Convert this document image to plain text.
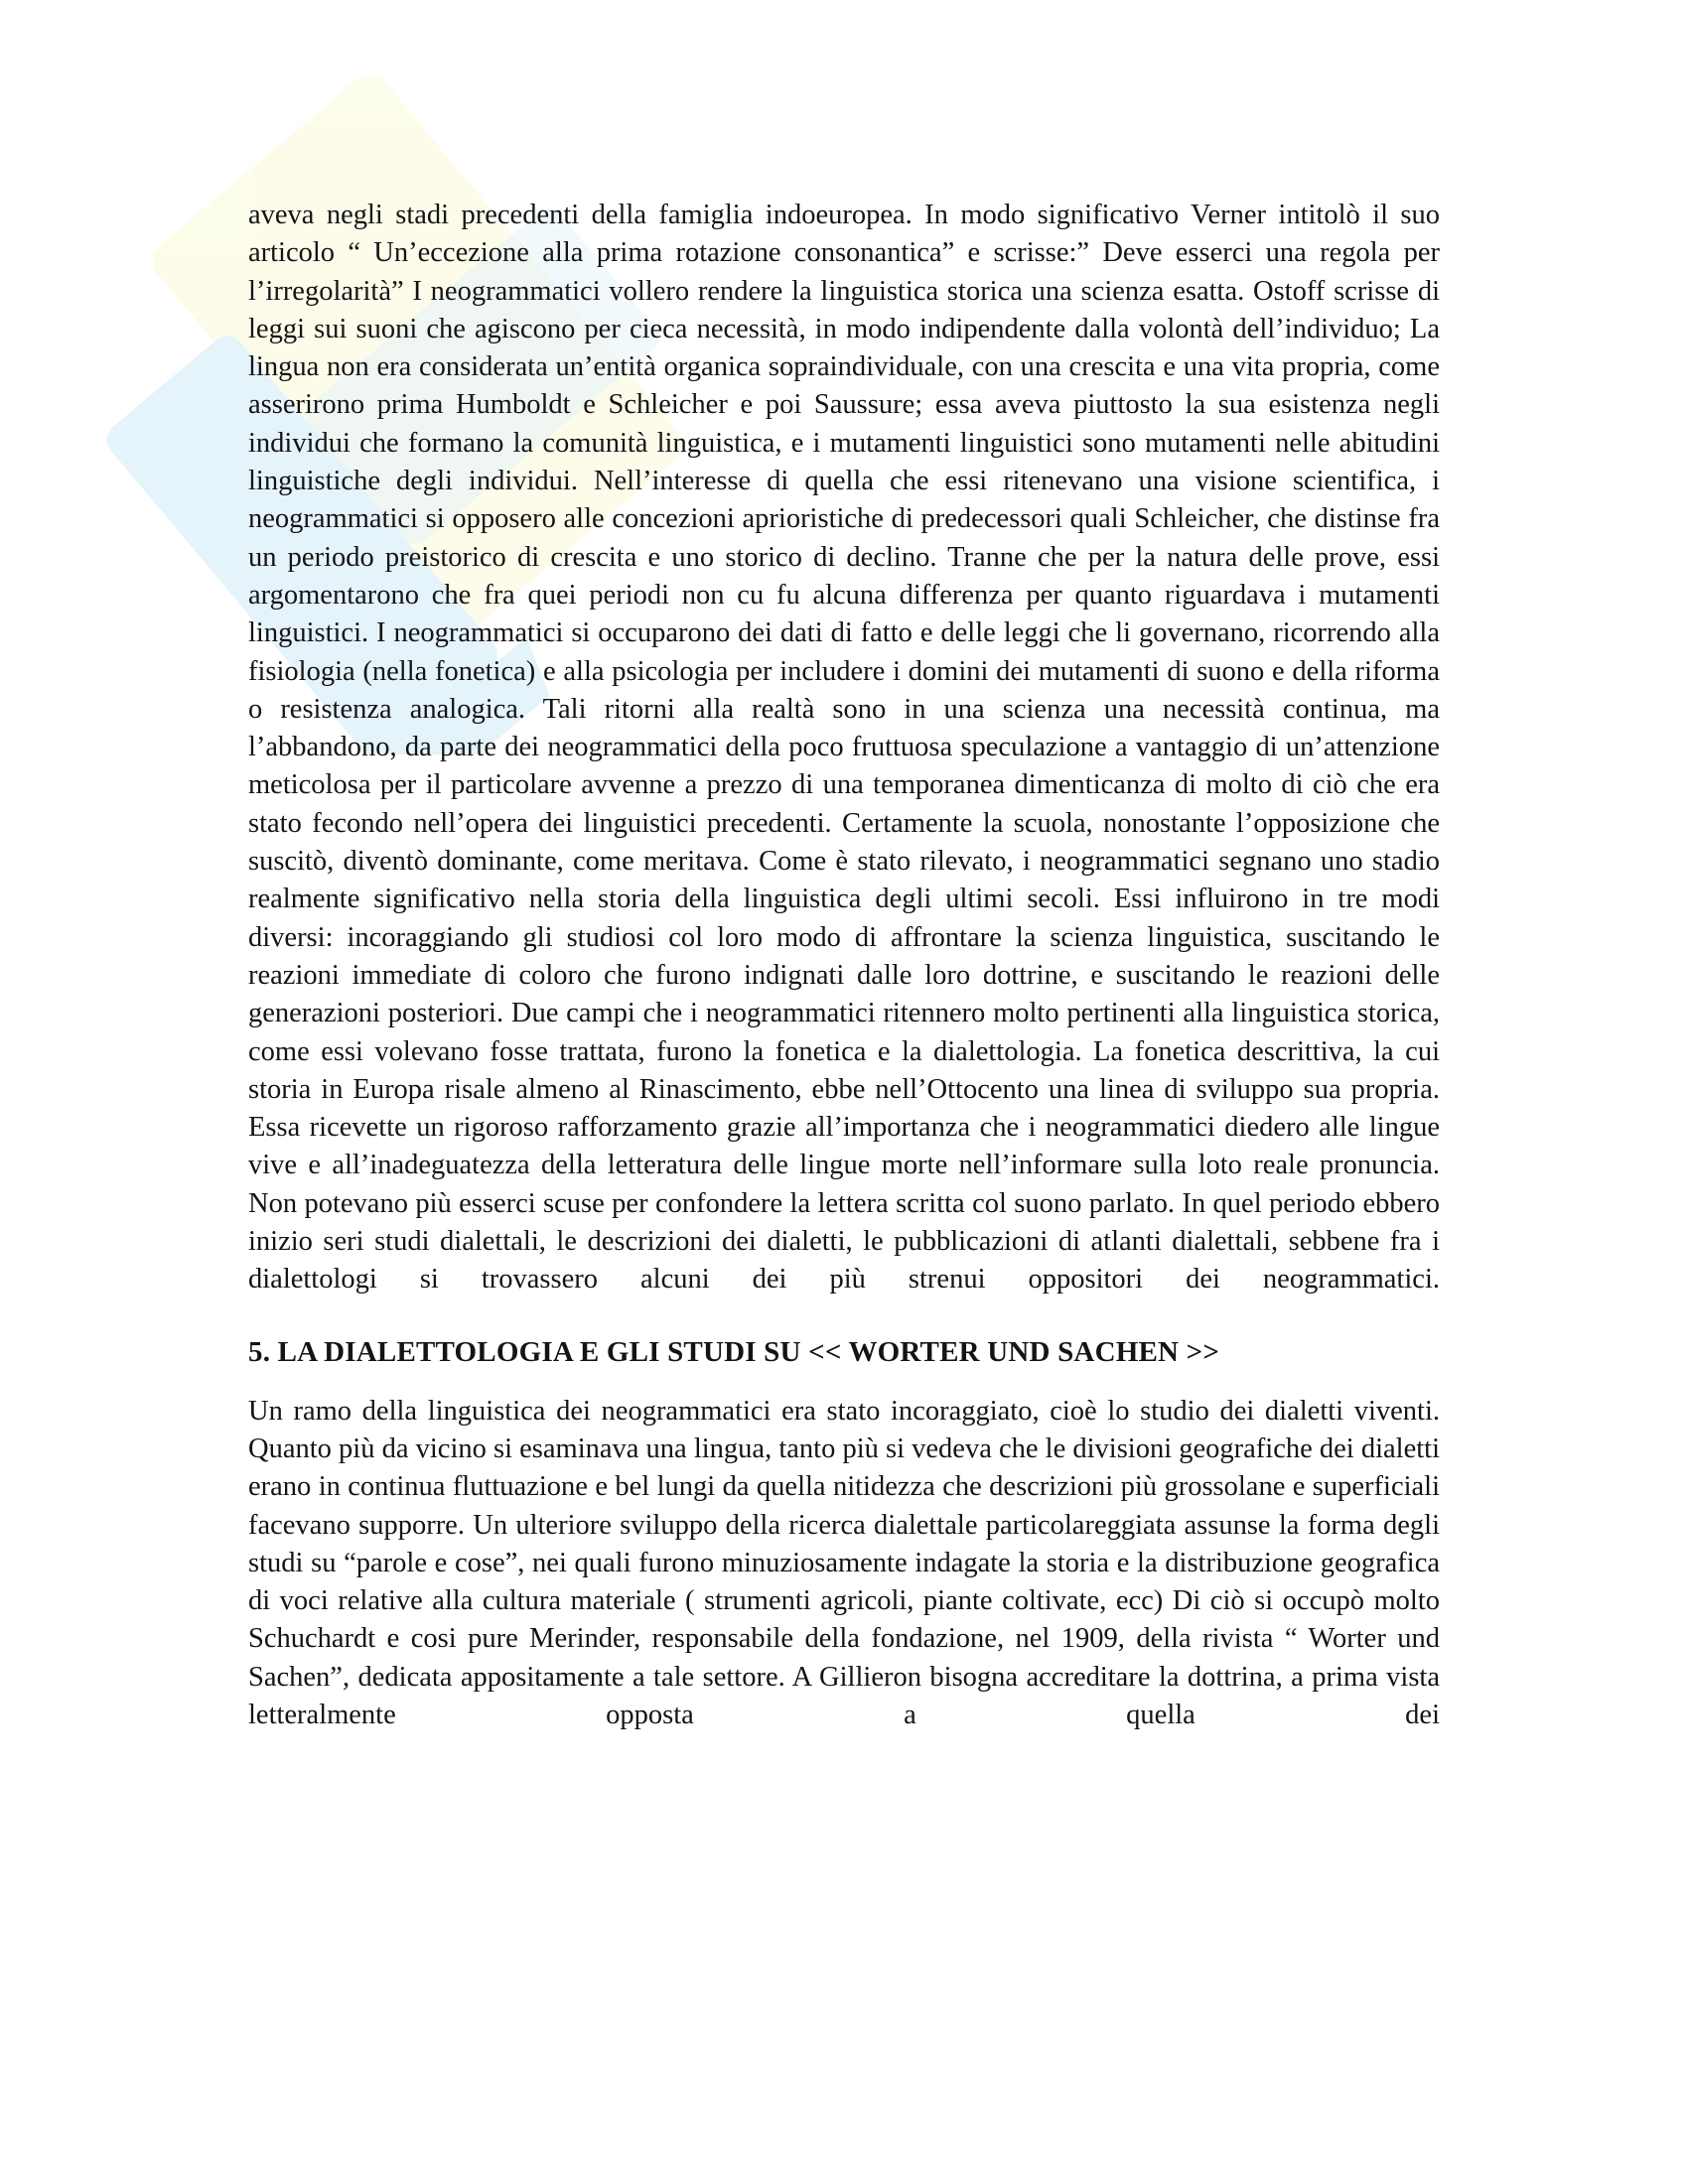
aveva negli stadi precedenti della famiglia indoeuropea. In modo significativo Verner intitolò il suo articolo “ Un’eccezione alla prima rotazione consonantica” e scrisse:” Deve esserci una regola per l’irregolarità” I neogrammatici vollero rendere la linguistica storica una scienza esatta. Ostoff scrisse di leggi sui suoni che agiscono per cieca necessità, in modo indipendente dalla volontà dell’individuo; La lingua non era considerata un’entità organica sopraindividuale, con una crescita e una vita propria, come asserirono prima Humboldt e Schleicher e poi Saussure; essa aveva piuttosto la sua esistenza negli individui che formano la comunità linguistica, e i mutamenti linguistici sono mutamenti nelle abitudini linguistiche degli individui. Nell’interesse di quella che essi ritenevano una visione scientifica, i neogrammatici si opposero alle concezioni aprioristiche di predecessori quali Schleicher, che distinse fra un periodo preistorico di crescita e uno storico di declino. Tranne che per la natura delle prove, essi argomentarono che fra quei periodi non cu fu alcuna differenza per quanto riguardava i mutamenti linguistici. I neogrammatici si occuparono dei dati di fatto e delle leggi che li governano, ricorrendo alla fisiologia (nella fonetica) e alla psicologia per includere i domini dei mutamenti di suono e della riforma o resistenza analogica. Tali ritorni alla realtà sono in una scienza una necessità continua, ma l’abbandono, da parte dei neogrammatici della poco fruttuosa speculazione a vantaggio di un’attenzione meticolosa per il particolare avvenne a prezzo di una temporanea dimenticanza di molto di ciò che era stato fecondo nell’opera dei linguistici precedenti. Certamente la scuola, nonostante l’opposizione che suscitò, diventò dominante, come meritava. Come è stato rilevato, i neogrammatici segnano uno stadio realmente significativo nella storia della linguistica degli ultimi secoli. Essi influirono in tre modi diversi: incoraggiando gli studiosi col loro modo di affrontare la scienza linguistica, suscitando le reazioni immediate di coloro che furono indignati dalle loro dottrine, e suscitando le reazioni delle generazioni posteriori. Due campi che i neogrammatici ritennero molto pertinenti alla linguistica storica, come essi volevano fosse trattata, furono la fonetica e la dialettologia. La fonetica descrittiva, la cui storia in Europa risale almeno al Rinascimento, ebbe nell’Ottocento una linea di sviluppo sua propria. Essa ricevette un rigoroso rafforzamento grazie all’importanza che i neogrammatici diedero alle lingue vive e all’inadeguatezza della letteratura delle lingue morte nell’informare sulla loto reale pronuncia. Non potevano più esserci scuse per confondere la lettera scritta col suono parlato. In quel periodo ebbero inizio seri studi dialettali, le descrizioni dei dialetti, le pubblicazioni di atlanti dialettali, sebbene fra i dialettologi si trovassero alcuni dei più strenui oppositori dei neogrammatici.

5. LA DIALETTOLOGIA E GLI STUDI SU << WORTER UND SACHEN >>

Un ramo della linguistica dei neogrammatici era stato incoraggiato, cioè lo studio dei dialetti viventi. Quanto più da vicino si esaminava una lingua, tanto più si vedeva che le divisioni geografiche dei dialetti erano in continua fluttuazione e bel lungi da quella nitidezza che descrizioni più grossolane e superficiali facevano supporre. Un ulteriore sviluppo della ricerca dialettale particolareggiata assunse la forma degli studi su “parole e cose”, nei quali furono minuziosamente indagate la storia e la distribuzione geografica di voci relative alla cultura materiale ( strumenti agricoli, piante coltivate, ecc) Di ciò si occupò molto Schuchardt e cosi pure Merinder, responsabile della fondazione, nel 1909, della rivista “ Worter und Sachen”, dedicata appositamente a tale settore. A Gillieron bisogna accreditare la dottrina, a prima vista letteralmente opposta a quella dei
